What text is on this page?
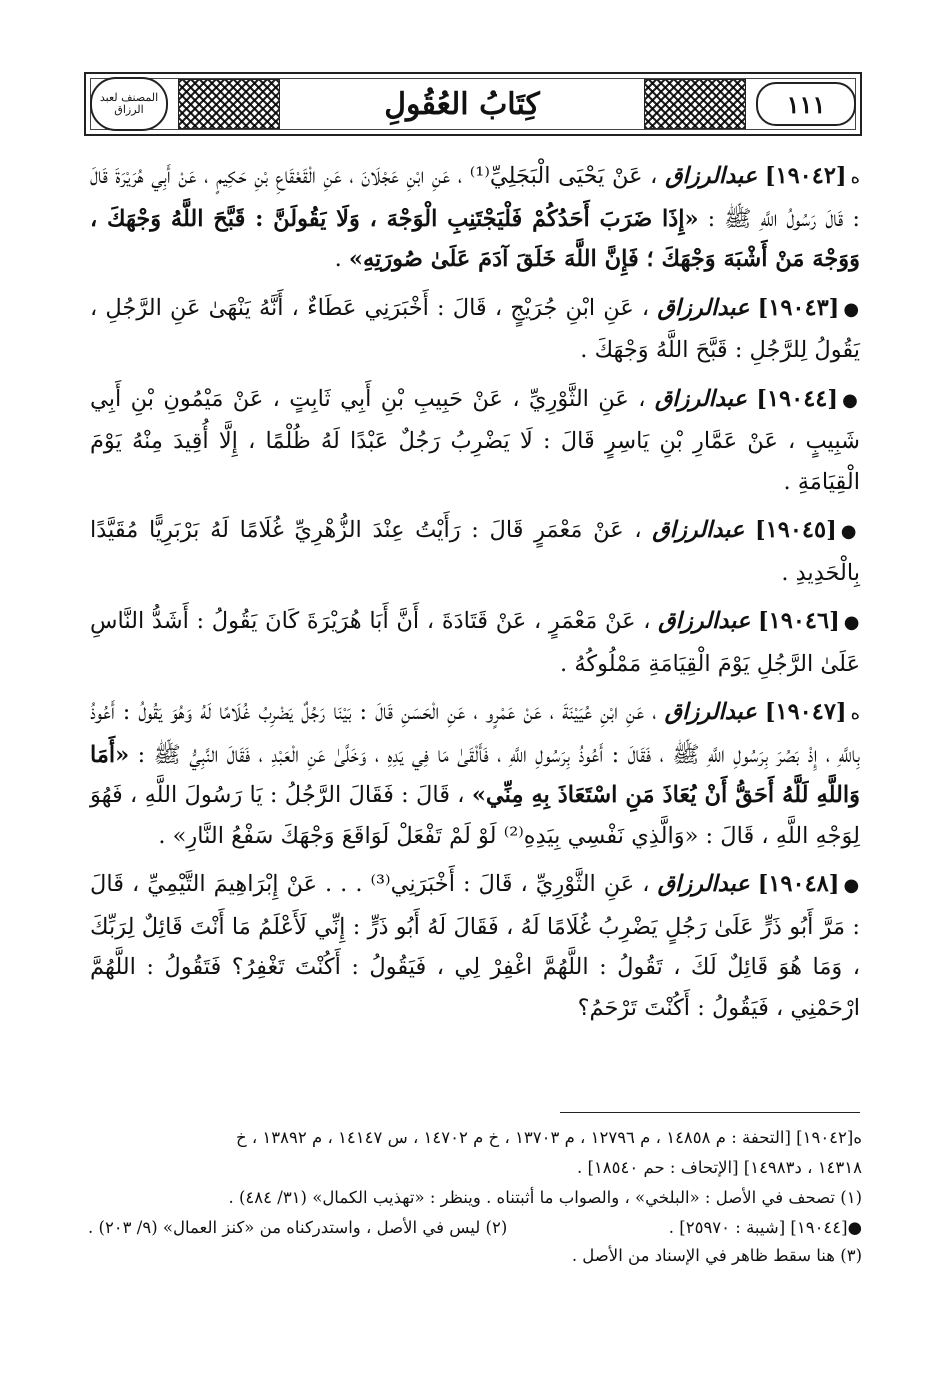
المصنف لعبد الرزاق	كِتَابُ العُقُولِ	١١١
ه[١٩٠٤٢] عبدالرزاق ، عَنْ يَحْيَى الْبَجَلِيِّ⁽¹⁾ ، عَنِ ابْنِ عَجْلَانَ ، عَنِ الْقَعْقَاعِ بْنِ حَكِيمٍ ، عَنْ أَبِي هُرَيْرَةَ قَالَ : قَالَ رَسُولُ اللَّهِ ﷺ : «إِذَا ضَرَبَ أَحَدُكُمْ فَلْيَجْتَنِبِ الْوَجْهَ ، وَلَا يَقُولَنَّ : قَبَّحَ اللَّهُ وَجْهَكَ ، وَوَجْهَ مَنْ أَشْبَهَ وَجْهَكَ ؛ فَإِنَّ اللَّهَ خَلَقَ آدَمَ عَلَىٰ صُورَتِهِ» .
●[١٩٠٤٣] عبدالرزاق ، عَنِ ابْنِ جُرَيْجٍ ، قَالَ : أَخْبَرَنِي عَطَاءٌ ، أَنَّهُ يَنْهَىٰ عَنِ الرَّجُلِ ، يَقُولُ لِلرَّجُلِ : قَبَّحَ اللَّهُ وَجْهَكَ .
●[١٩٠٤٤] عبدالرزاق ، عَنِ الثَّوْرِيِّ ، عَنْ حَبِيبِ بْنِ أَبِي ثَابِتٍ ، عَنْ مَيْمُونِ بْنِ أَبِي شَبِيبٍ ، عَنْ عَمَّارِ بْنِ يَاسِرٍ قَالَ : لَا يَضْرِبُ رَجُلٌ عَبْدًا لَهُ ظُلْمًا ، إِلَّا أُقِيدَ مِنْهُ يَوْمَ الْقِيَامَةِ .
●[١٩٠٤٥] عبدالرزاق ، عَنْ مَعْمَرٍ قَالَ : رَأَيْتُ عِنْدَ الزُّهْرِيِّ غُلَامًا لَهُ بَرْبَرِيًّا مُقَيَّدًا بِالْحَدِيدِ .
●[١٩٠٤٦] عبدالرزاق ، عَنْ مَعْمَرٍ ، عَنْ قَتَادَةَ ، أَنَّ أَبَا هُرَيْرَةَ كَانَ يَقُولُ : أَشَدُّ النَّاسِ عَلَىٰ الرَّجُلِ يَوْمَ الْقِيَامَةِ مَمْلُوكُهُ .
ه[١٩٠٤٧] عبدالرزاق ، عَنِ ابْنِ عُيَيْنَةَ ، عَنْ عَمْرٍو ، عَنِ الْحَسَنِ قَالَ : بَيْنَا رَجُلٌ يَضْرِبُ غُلَامًا لَهُ وَهُوَ يَقُولُ : أَعُوذُ بِاللَّهِ ، إِذْ بَصُرَ بِرَسُولِ اللَّهِ ﷺ ، فَقَالَ : أَعُوذُ بِرَسُولِ اللَّهِ ، فَأَلْقَىٰ مَا فِي يَدِهِ ، وَخَلَّىٰ عَنِ الْعَبْدِ ، فَقَالَ النَّبِيُّ ﷺ : «أَمَا وَاللَّهِ لَلَّهُ أَحَقُّ أَنْ يُعَاذَ مَنِ اسْتَعَاذَ بِهِ مِنِّي» ، قَالَ : فَقَالَ الرَّجُلُ : يَا رَسُولَ اللَّهِ ، فَهُوَ لِوَجْهِ اللَّهِ ، قَالَ : «وَالَّذِي نَفْسِي بِيَدِهِ⁽²⁾ لَوْ لَمْ تَفْعَلْ لَوَاقَعَ وَجْهَكَ سَفْعُ النَّارِ» .
●[١٩٠٤٨] عبدالرزاق ، عَنِ الثَّوْرِيِّ ، قَالَ : أَخْبَرَنِي⁽³⁾ . . . عَنْ إِبْرَاهِيمَ التَّيْمِيِّ ، قَالَ : مَرَّ أَبُو ذَرٍّ عَلَىٰ رَجُلٍ يَضْرِبُ غُلَامًا لَهُ ، فَقَالَ لَهُ أَبُو ذَرٍّ : إِنِّي لَأَعْلَمُ مَا أَنْتَ قَائِلٌ لِرَبِّكَ ، وَمَا هُوَ قَائِلٌ لَكَ ، تَقُولُ : اللَّهُمَّ اغْفِرْ لِي ، فَيَقُولُ : أَكُنْتَ تَغْفِرُ؟ فَتَقُولُ : اللَّهُمَّ ارْحَمْنِي ، فَيَقُولُ : أَكُنْتَ تَرْحَمُ؟
ه[١٩٠٤٢] [التحفة : م ١٤٨٥٨ ، م ١٢٧٩٦ ، م ١٣٧٠٣ ، خ م ١٤٧٠٢ ، س ١٤١٤٧ ، م ١٣٨٩٢ ، خ
١٤٣١٨ ، د١٤٩٨٣] [الإتحاف : حم ١٨٥٤٠] .
(١) تصحف في الأصل : «البلخي» ، والصواب ما أثبتناه . وينظر : «تهذيب الكمال» (٣١/ ٤٨٤) .
●[١٩٠٤٤] [شيبة : ٢٥٩٧٠] .
(٢) ليس في الأصل ، واستدركناه من «كنز العمال» (٩/ ٢٠٣) .
(٣) هنا سقط ظاهر في الإسناد من الأصل .
